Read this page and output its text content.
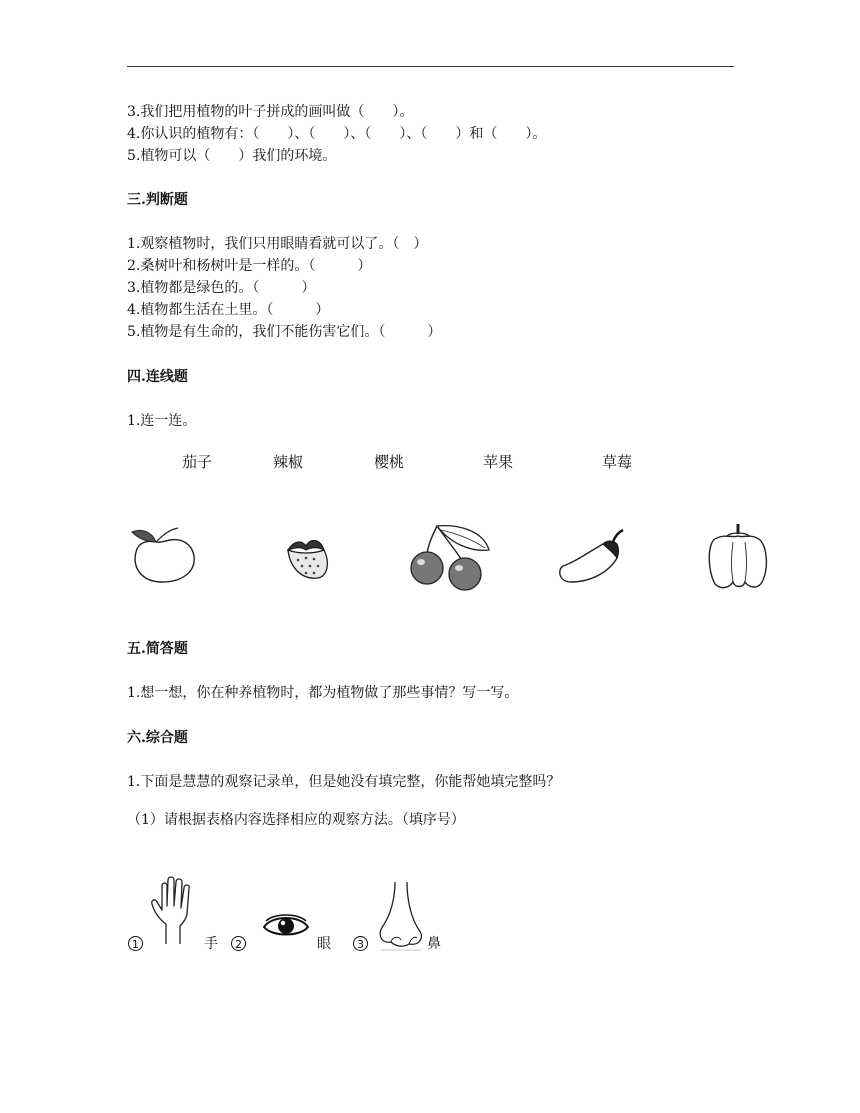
3.我们把用植物的叶子拼成的画叫做（　　）。
4.你认识的植物有：（　　）、（　　）、（　　）、（　　）和（　　）。
5.植物可以（　　）我们的环境。
三.判断题
1.观察植物时，我们只用眼睛看就可以了。（　）
2.桑树叶和杨树叶是一样的。（　　　）
3.植物都是绿色的。（　　　）
4.植物都生活在土里。（　　　）
5.植物是有生命的，我们不能伤害它们。（　　　）
四.连线题
1.连一连。
茄子	辣椒	樱桃	苹果	草莓
五.简答题
1.想一想，你在种养植物时，都为植物做了那些事情？写一写。
六.综合题
1.下面是慧慧的观察记录单，但是她没有填完整，你能帮她填完整吗？
（1）请根据表格内容选择相应的观察方法。（填序号）
1	手	2	眼	3	鼻
